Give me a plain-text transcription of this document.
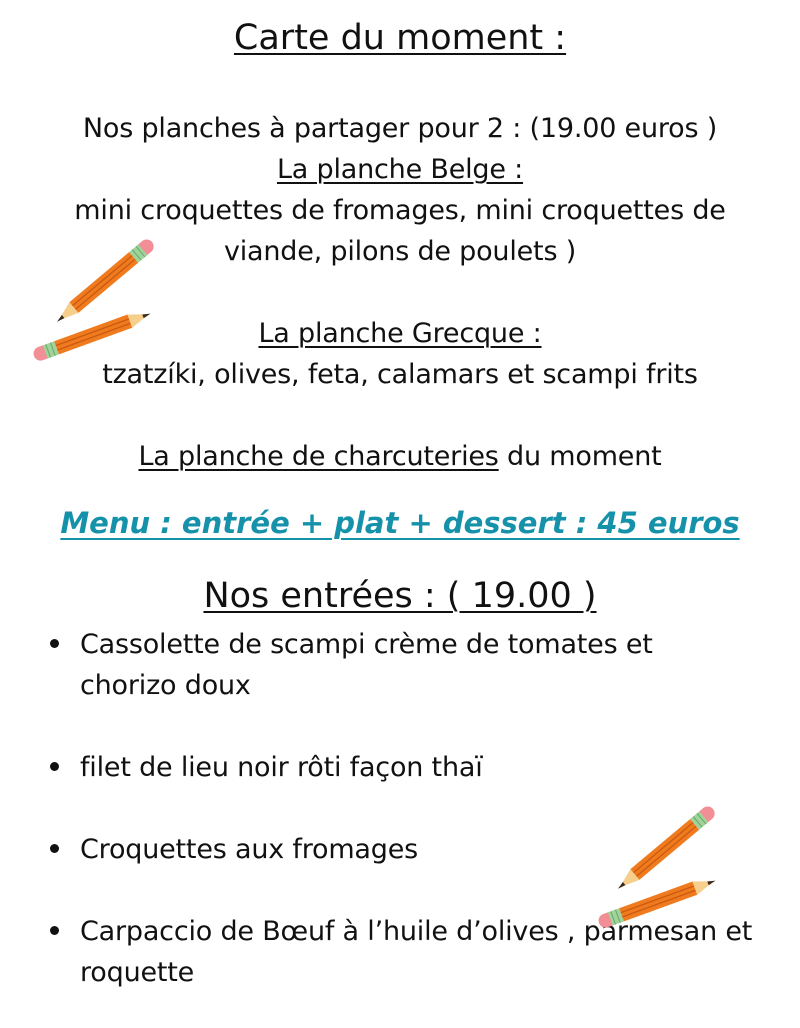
Carte du moment :
Nos planches à partager pour 2 : (19.00 euros )
La planche Belge :
mini croquettes de fromages, mini croquettes de
viande, pilons de poulets )
La planche Grecque :
tzatzíki, olives, feta, calamars et scampi frits
La planche de charcuteries du moment
Menu : entrée + plat + dessert : 45 euros
Nos entrées : ( 19.00 )
Cassolette de scampi crème de tomates et
chorizo doux
filet de lieu noir rôti façon thaï
Croquettes aux fromages
Carpaccio de Bœuf à l’huile d’olives , parmesan et
roquette
